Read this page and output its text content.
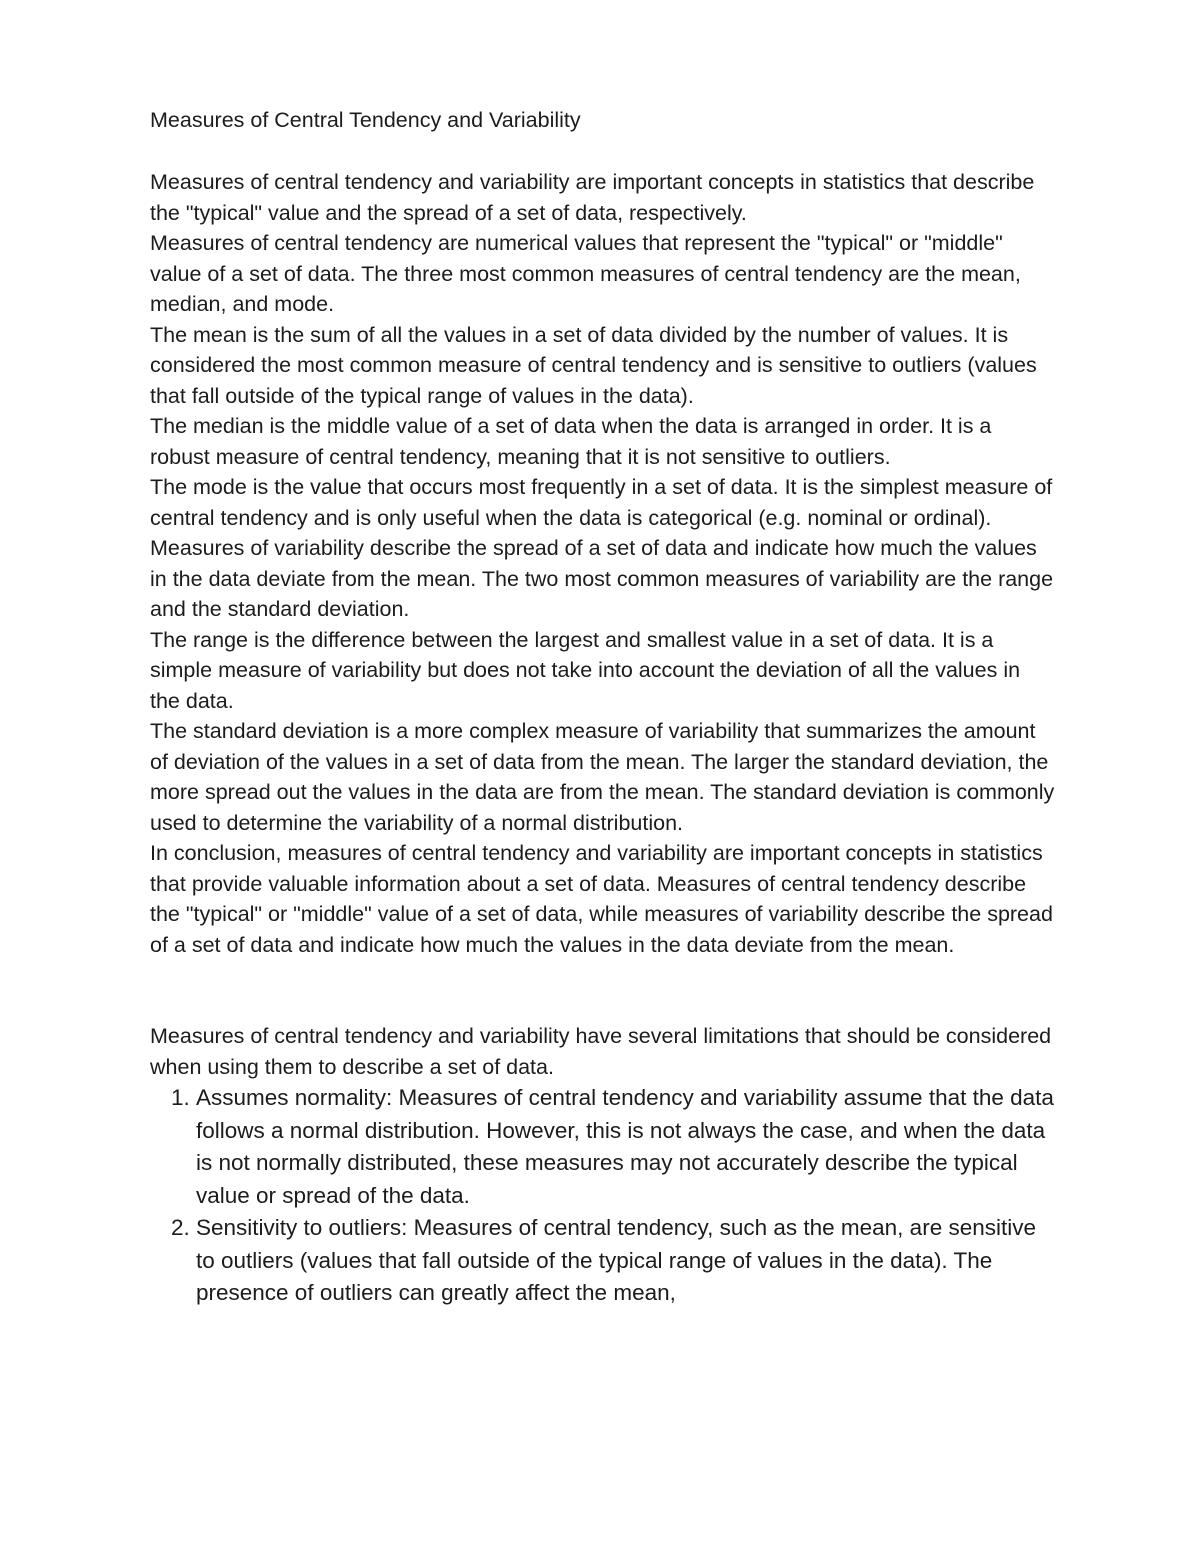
Measures of Central Tendency and Variability

Measures of central tendency and variability are important concepts in statistics that describe the "typical" value and the spread of a set of data, respectively.

Measures of central tendency are numerical values that represent the "typical" or "middle" value of a set of data. The three most common measures of central tendency are the mean, median, and mode.

The mean is the sum of all the values in a set of data divided by the number of values. It is considered the most common measure of central tendency and is sensitive to outliers (values that fall outside of the typical range of values in the data).

The median is the middle value of a set of data when the data is arranged in order. It is a robust measure of central tendency, meaning that it is not sensitive to outliers.

The mode is the value that occurs most frequently in a set of data. It is the simplest measure of central tendency and is only useful when the data is categorical (e.g. nominal or ordinal).

Measures of variability describe the spread of a set of data and indicate how much the values in the data deviate from the mean. The two most common measures of variability are the range and the standard deviation.

The range is the difference between the largest and smallest value in a set of data. It is a simple measure of variability but does not take into account the deviation of all the values in the data.

The standard deviation is a more complex measure of variability that summarizes the amount of deviation of the values in a set of data from the mean. The larger the standard deviation, the more spread out the values in the data are from the mean. The standard deviation is commonly used to determine the variability of a normal distribution.

In conclusion, measures of central tendency and variability are important concepts in statistics that provide valuable information about a set of data. Measures of central tendency describe the "typical" or "middle" value of a set of data, while measures of variability describe the spread of a set of data and indicate how much the values in the data deviate from the mean.

Measures of central tendency and variability have several limitations that should be considered when using them to describe a set of data.

1. Assumes normality: Measures of central tendency and variability assume that the data follows a normal distribution. However, this is not always the case, and when the data is not normally distributed, these measures may not accurately describe the typical value or spread of the data.
2. Sensitivity to outliers: Measures of central tendency, such as the mean, are sensitive to outliers (values that fall outside of the typical range of values in the data). The presence of outliers can greatly affect the mean,
